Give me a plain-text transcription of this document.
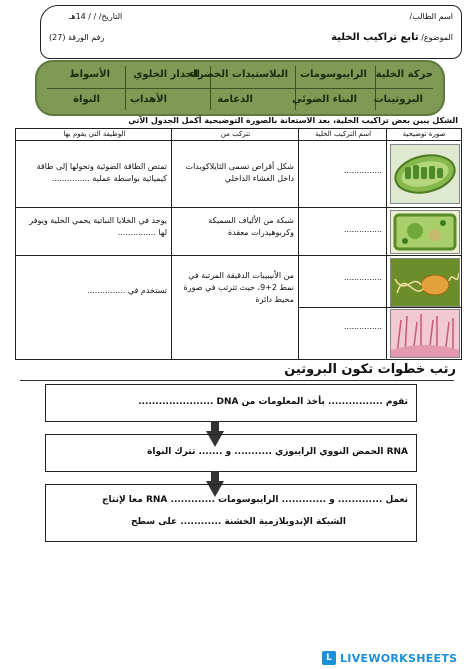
اسم الطالب/
التاريخ/ / / 14هـ
الموضوع/ تابع تراكيب الخلية
رقم الورقة (27)
حركة الخلية
الرايبوسومات
البلاستيدات الخضراء
الجدار الخلوي
الأسواط
البروتينات
البناء الضوئي
الدعامة
الأهداب
النواة
الشكل يبين بعض تراكيب الخلية، بعد الاستعانة بالصورة التوضيحية أكمل الجدول الآتي
صورة توضيحية
اسم التركيب الخلية
تتركب من
الوظيفة التي يقوم بها
...............
شكل أقراص تسمى الثايلاكويدات داخل الغشاء الداخلي
تمتص الطاقة الضوئية وتحولها إلى طاقة كيميائية بواسطة عملية ...............
...............
شبكة من الألياف السميكة وكربوهيدرات معقدة
يوجد في الخلايا النباتية يحمي الخلية ويوفر لها ...............
...............
من الأنيبيبات الدقيقة المرتبة في نمط 2+9، حيث تترتب في صورة محيط دائرة
تستخدم في ...............
...............
رتب خطوات تكون البروتين
تقوم ................ بأخذ المعلومات من DNA ......................
RNA الحمض النووي الرايبوزي ........... و ....... تترك النواة
تعمل ............. و ............. الرايبوسومات ............. RNA معا لإنتاج
الشبكة الإندوبلازمية الخشنة ............ على سطح
L LIVEWORKSHEETS
